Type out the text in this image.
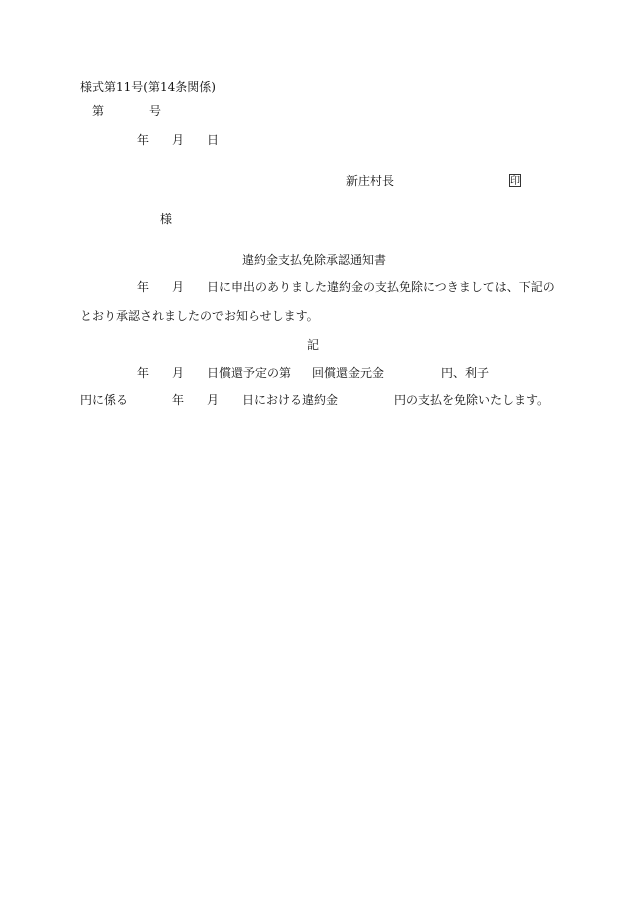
様式第11号(第14条関係)
第	号
年 月 日
新庄村長	印
様
違約金支払免除承認通知書
年 月 日に申出のありました違約金の支払免除につきましては、下記の
とおり承認されましたのでお知らせします。
記
年 月 日償還予定の第 回償還金元金	円、利子
円に係る	年 月 日における違約金	円の支払を免除いたします。
